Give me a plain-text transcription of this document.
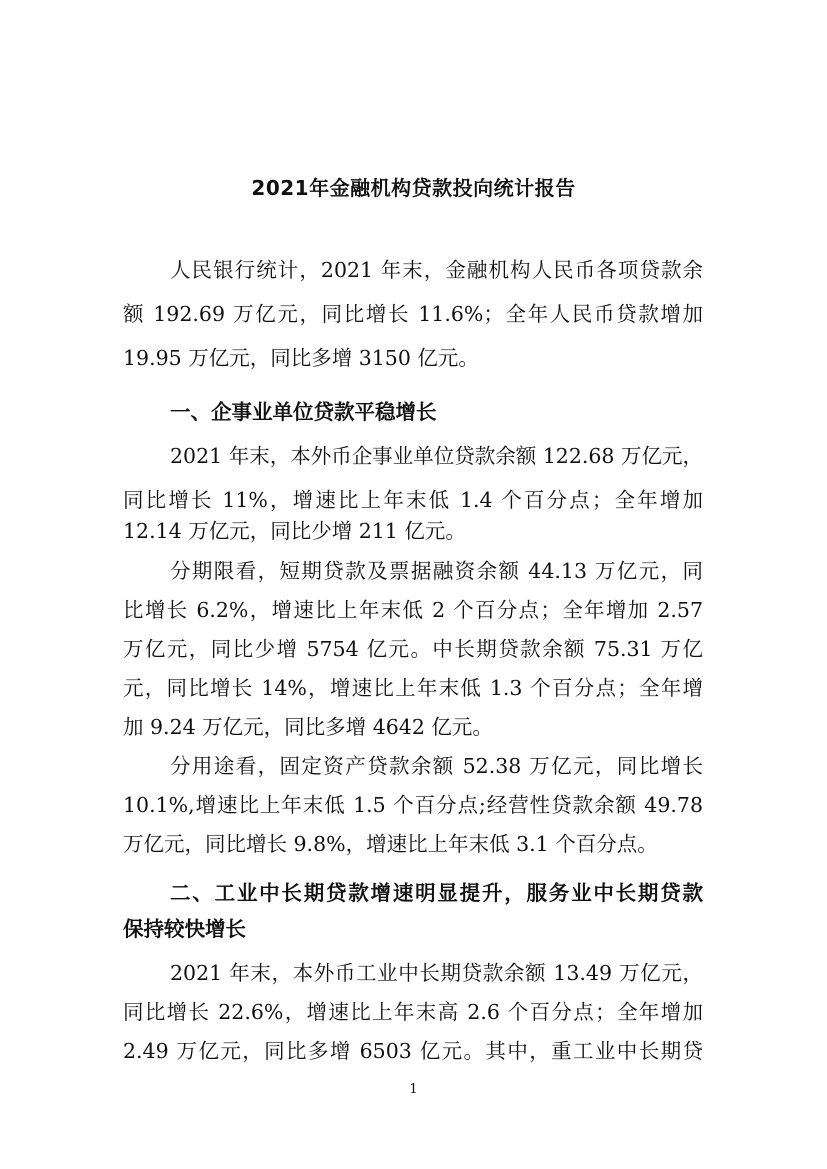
2021年金融机构贷款投向统计报告
人民银行统计，2021 年末，金融机构人民币各项贷款余
额 192.69 万亿元，同比增长 11.6%；全年人民币贷款增加
19.95 万亿元，同比多增 3150 亿元。
一、企事业单位贷款平稳增长
2021 年末，本外币企事业单位贷款余额 122.68 万亿元，
同比增长 11%，增速比上年末低 1.4 个百分点；全年增加
12.14 万亿元，同比少增 211 亿元。
分期限看，短期贷款及票据融资余额 44.13 万亿元，同
比增长 6.2%，增速比上年末低 2 个百分点；全年增加 2.57
万亿元，同比少增 5754 亿元。中长期贷款余额 75.31 万亿
元，同比增长 14%，增速比上年末低 1.3 个百分点；全年增
加 9.24 万亿元，同比多增 4642 亿元。
分用途看，固定资产贷款余额 52.38 万亿元，同比增长
10.1%,增速比上年末低 1.5 个百分点;经营性贷款余额 49.78
万亿元，同比增长 9.8%，增速比上年末低 3.1 个百分点。
二、工业中长期贷款增速明显提升，服务业中长期贷款
保持较快增长
2021 年末，本外币工业中长期贷款余额 13.49 万亿元，
同比增长 22.6%，增速比上年末高 2.6 个百分点；全年增加
2.49 万亿元，同比多增 6503 亿元。其中，重工业中长期贷
1
